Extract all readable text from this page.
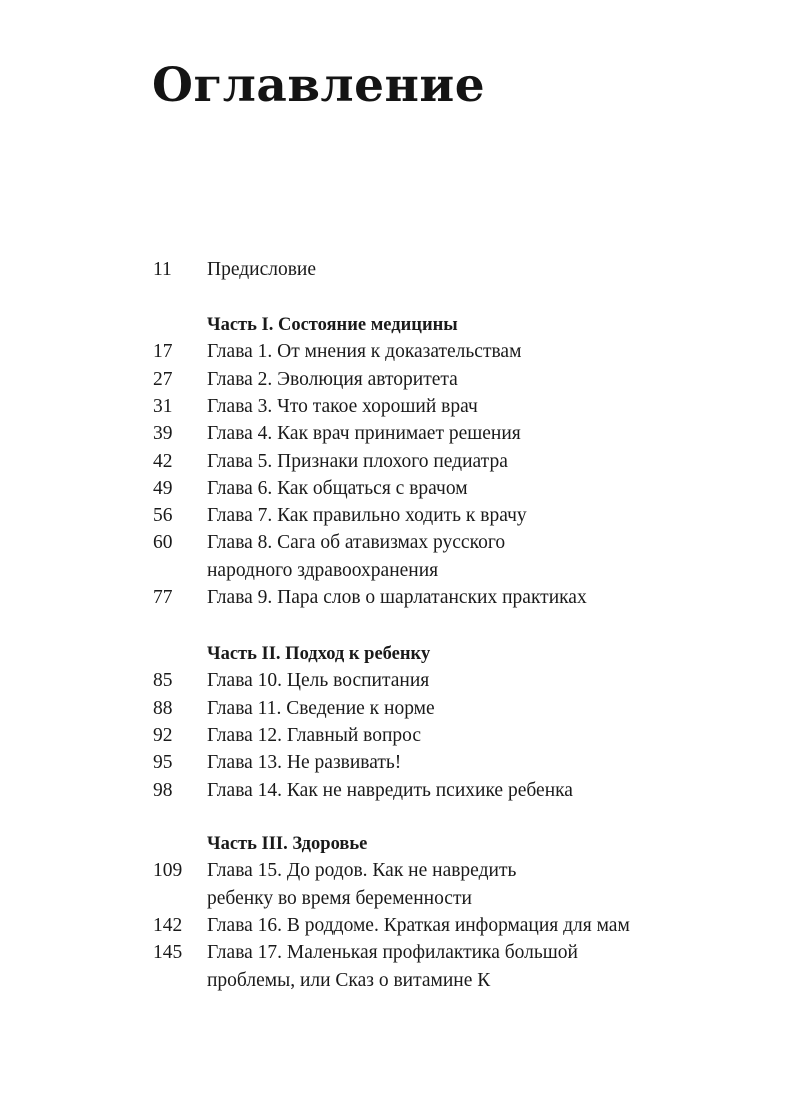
Оглавление
11 Предисловие
Часть I. Состояние медицины
17 Глава 1. От мнения к доказательствам
27 Глава 2. Эволюция авторитета
31 Глава 3. Что такое хороший врач
39 Глава 4. Как врач принимает решения
42 Глава 5. Признаки плохого педиатра
49 Глава 6. Как общаться с врачом
56 Глава 7. Как правильно ходить к врачу
60 Глава 8. Сага об атавизмах русского
народного здравоохранения
77 Глава 9. Пара слов о шарлатанских практиках
Часть II. Подход к ребенку
85 Глава 10. Цель воспитания
88 Глава 11. Сведение к норме
92 Глава 12. Главный вопрос
95 Глава 13. Не развивать!
98 Глава 14. Как не навредить психике ребенка
Часть III. Здоровье
109 Глава 15. До родов. Как не навредить
ребенку во время беременности
142 Глава 16. В роддоме. Краткая информация для мам
145 Глава 17. Маленькая профилактика большой
проблемы, или Сказ о витамине К
